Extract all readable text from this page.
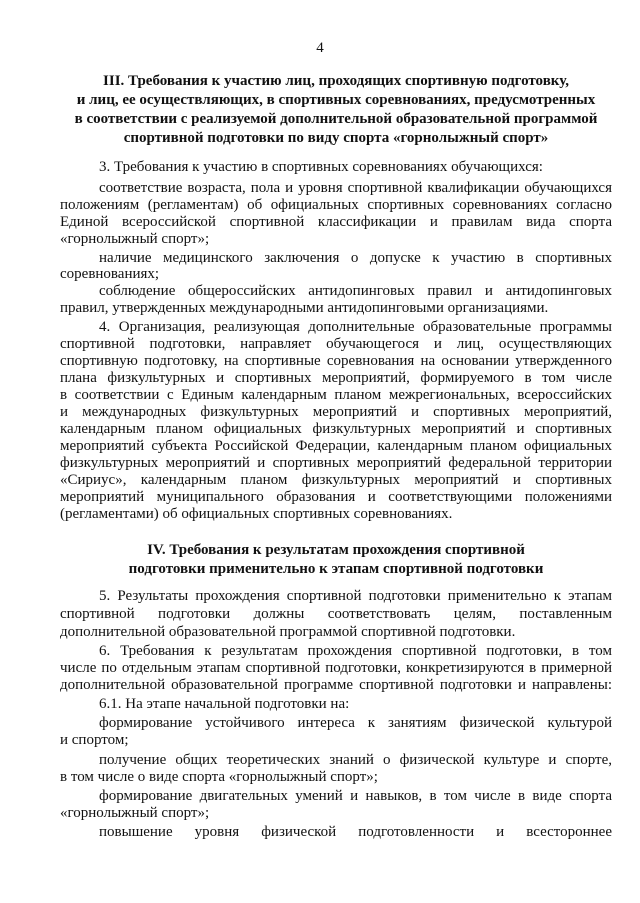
4
III. Требования к участию лиц, проходящих спортивную подготовку,
и лиц, ее осуществляющих, в спортивных соревнованиях, предусмотренных
в соответствии с реализуемой дополнительной образовательной программой
спортивной подготовки по виду спорта «горнолыжный спорт»
3. Требования к участию в спортивных соревнованиях обучающихся:
соответствие возраста, пола и уровня спортивной квалификации обучающихся
положениям (регламентам) об официальных спортивных соревнованиях согласно
Единой всероссийской спортивной классификации и правилам вида спорта
«горнолыжный спорт»;
наличие медицинского заключения о допуске к участию в спортивных
соревнованиях;
соблюдение общероссийских антидопинговых правил и антидопинговых
правил, утвержденных международными антидопинговыми организациями.
4. Организация, реализующая дополнительные образовательные программы
спортивной подготовки, направляет обучающегося и лиц, осуществляющих
спортивную подготовку, на спортивные соревнования на основании утвержденного
плана физкультурных и спортивных мероприятий, формируемого в том числе
в соответствии с Единым календарным планом межрегиональных, всероссийских
и международных физкультурных мероприятий и спортивных мероприятий,
календарным планом официальных физкультурных мероприятий и спортивных
мероприятий субъекта Российской Федерации, календарным планом официальных
физкультурных мероприятий и спортивных мероприятий федеральной территории
«Сириус», календарным планом физкультурных мероприятий и спортивных
мероприятий муниципального образования и соответствующими положениями
(регламентами) об официальных спортивных соревнованиях.
IV. Требования к результатам прохождения спортивной
подготовки применительно к этапам спортивной подготовки
5. Результаты прохождения спортивной подготовки применительно к этапам
спортивной подготовки должны соответствовать целям, поставленным
дополнительной образовательной программой спортивной подготовки.
6. Требования к результатам прохождения спортивной подготовки, в том
числе по отдельным этапам спортивной подготовки, конкретизируются в примерной
дополнительной образовательной программе спортивной подготовки и направлены:
6.1. На этапе начальной подготовки на:
формирование устойчивого интереса к занятиям физической культурой
и спортом;
получение общих теоретических знаний о физической культуре и спорте,
в том числе о виде спорта «горнолыжный спорт»;
формирование двигательных умений и навыков, в том числе в виде спорта
«горнолыжный спорт»;
повышение уровня физической подготовленности и всестороннее
